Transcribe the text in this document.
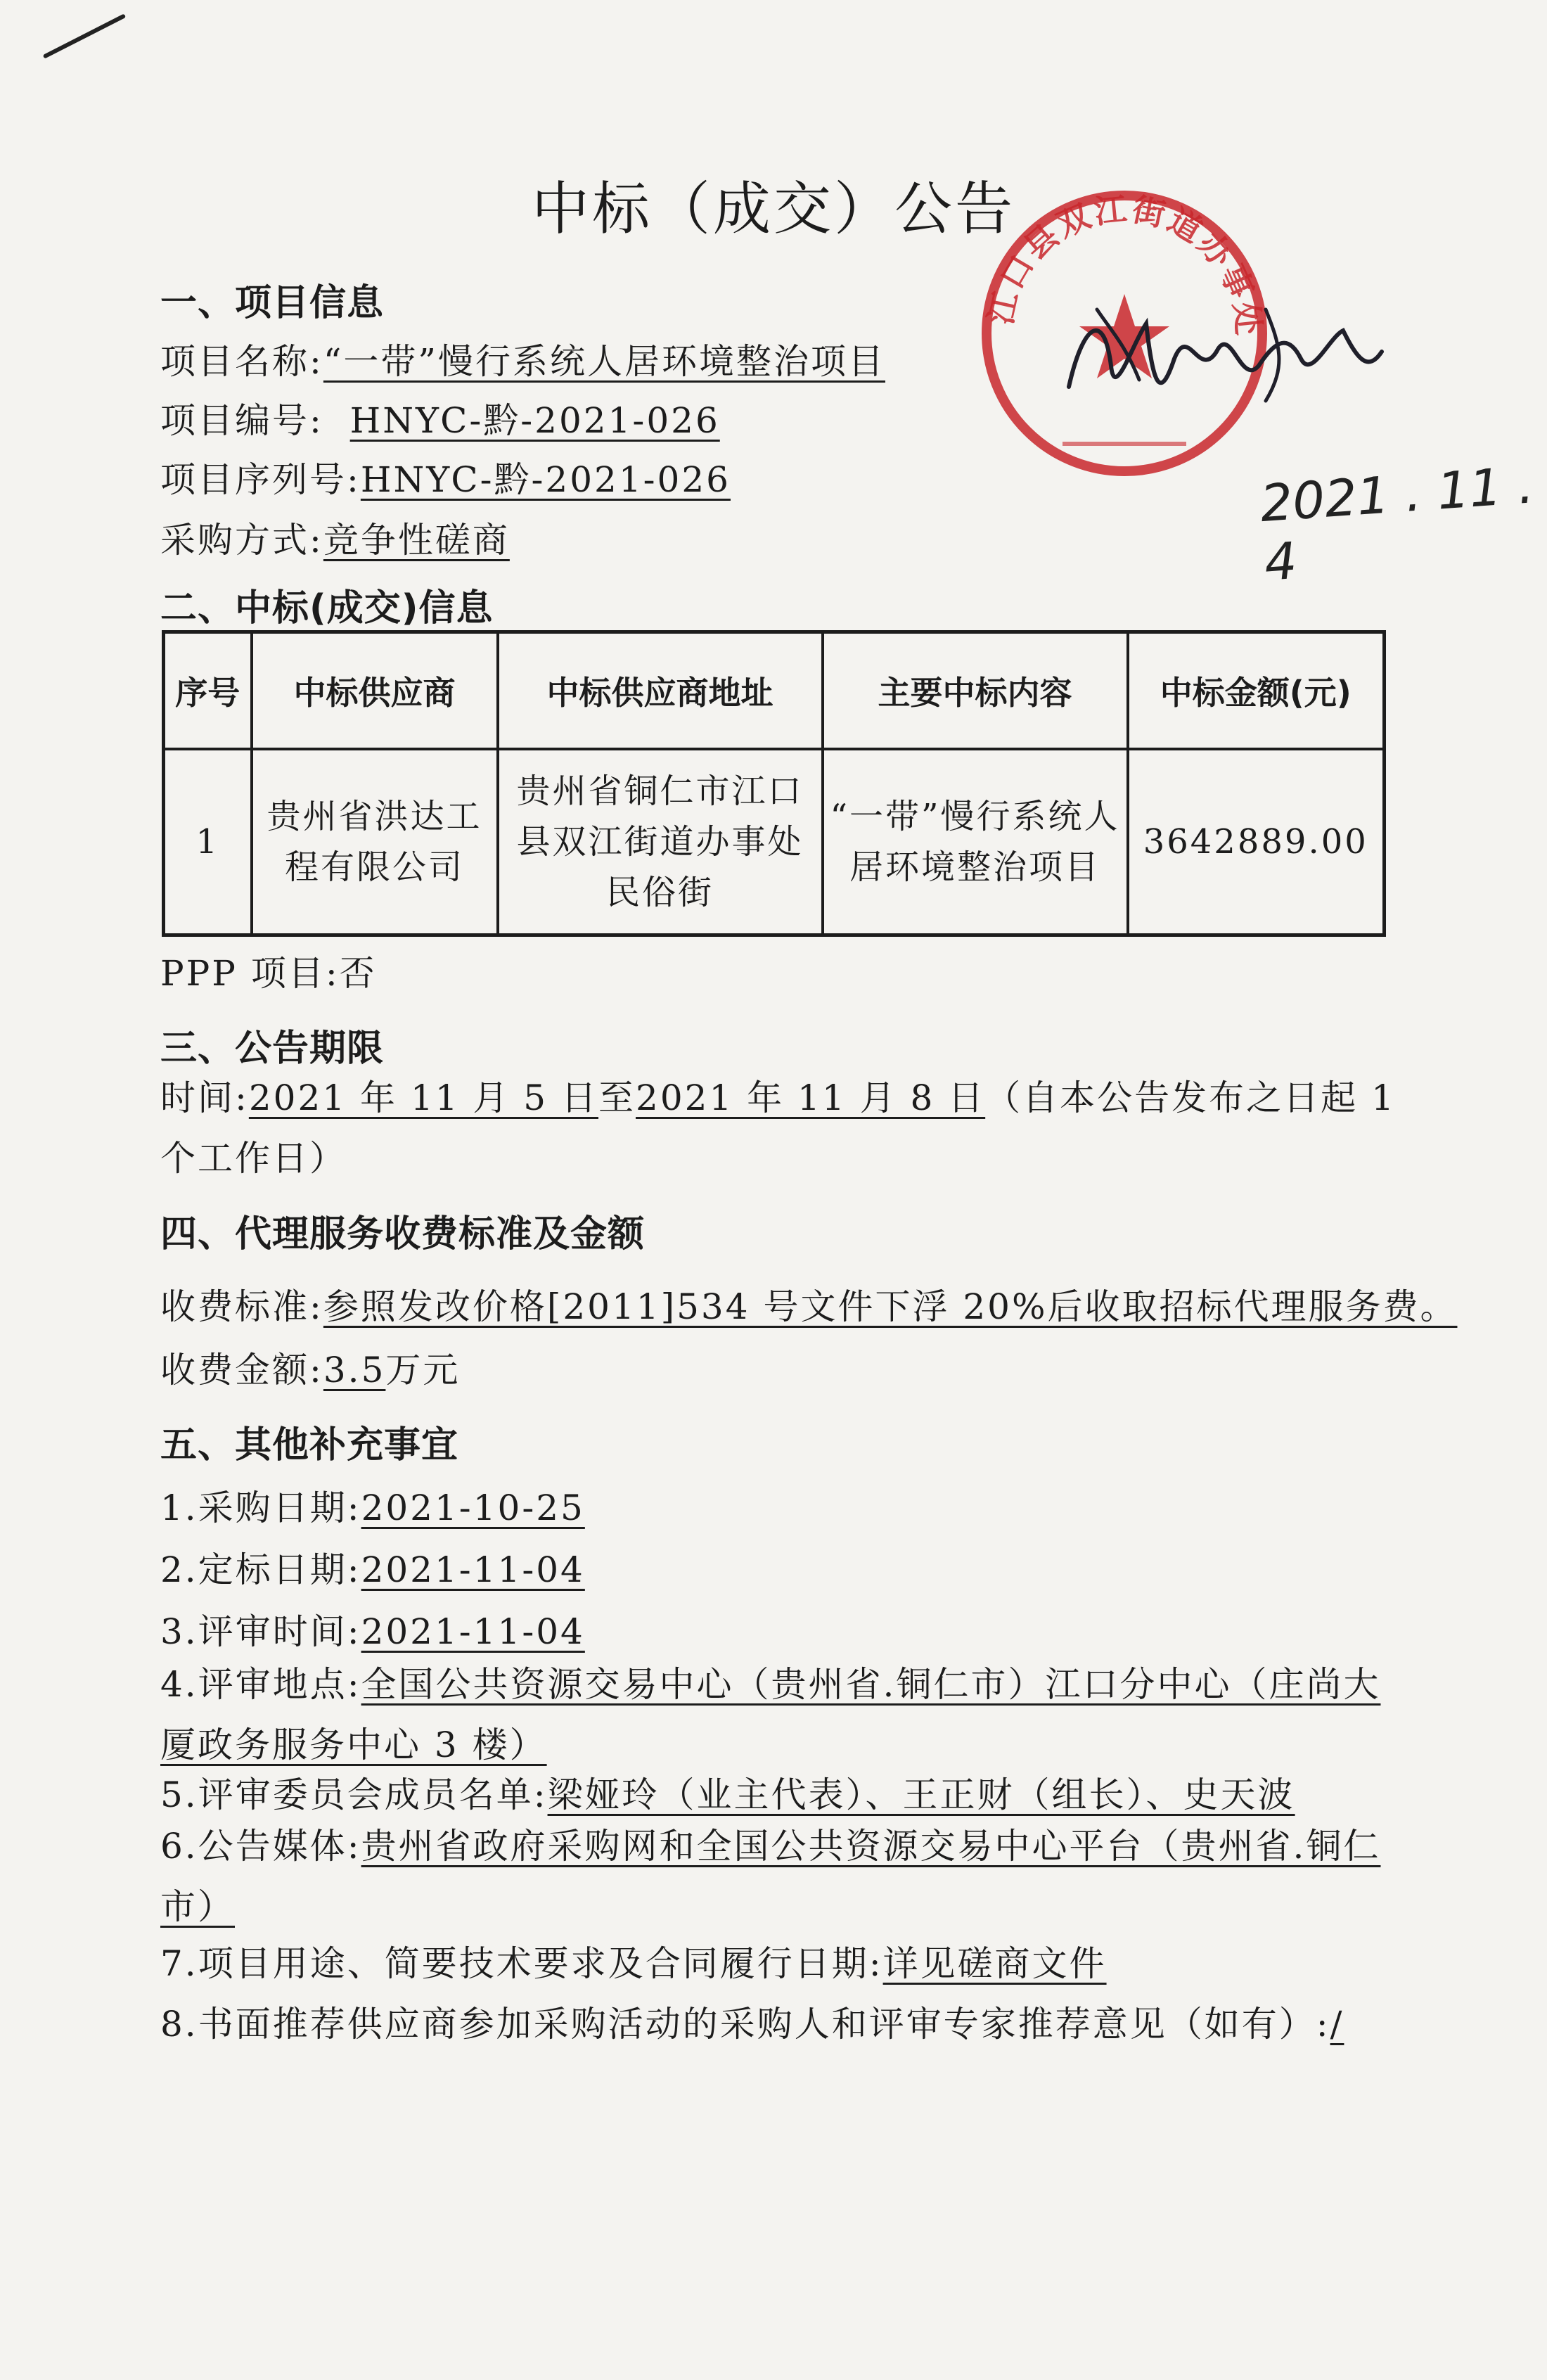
中标（成交）公告
一、项目信息
项目名称:“一带”慢行系统人居环境整治项目
项目编号: HNYC-黔-2021-026
项目序列号:HNYC-黔-2021-026
采购方式:竞争性磋商
二、中标(成交)信息
序号	中标供应商	中标供应商地址	主要中标内容	中标金额(元)
1	贵州省洪达工程有限公司	贵州省铜仁市江口县双江街道办事处民俗街	“一带”慢行系统人居环境整治项目	3642889.00
PPP 项目:否
三、公告期限
时间:2021 年 11 月 5 日至2021 年 11 月 8 日（自本公告发布之日起 1 个工作日）
四、代理服务收费标准及金额
收费标准:参照发改价格[2011]534 号文件下浮 20%后收取招标代理服务费。
收费金额:3.5万元
五、其他补充事宜
1.采购日期:2021-10-25
2.定标日期:2021-11-04
3.评审时间:2021-11-04
4.评审地点:全国公共资源交易中心（贵州省.铜仁市）江口分中心（庄尚大厦政务服务中心 3 楼）
5.评审委员会成员名单:梁娅玲（业主代表）、王正财（组长）、史天波
6.公告媒体:贵州省政府采购网和全国公共资源交易中心平台（贵州省.铜仁市）
7.项目用途、简要技术要求及合同履行日期:详见磋商文件
8.书面推荐供应商参加采购活动的采购人和评审专家推荐意见（如有）:/
江口县双江街道办事处
2021 . 11 . 4
